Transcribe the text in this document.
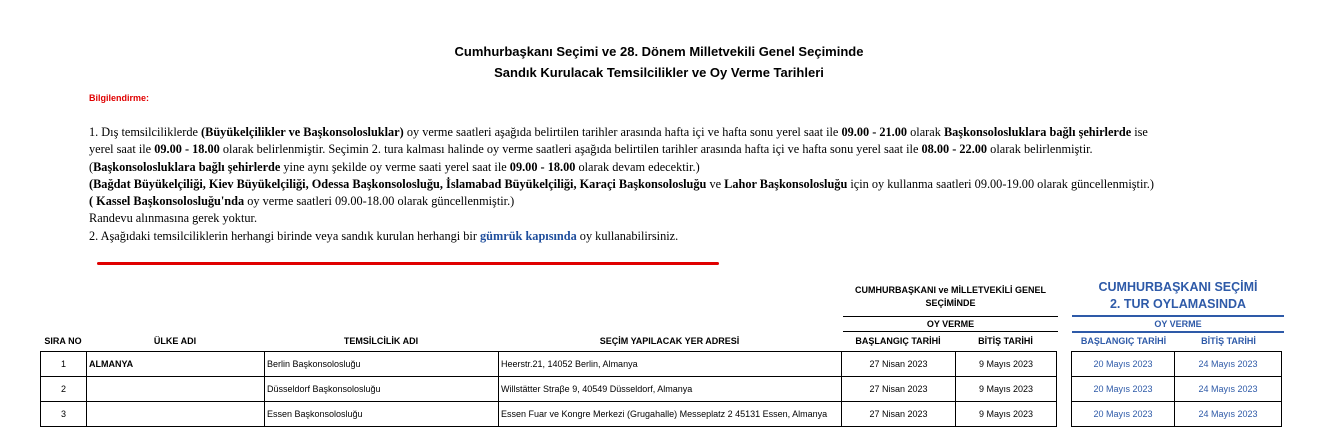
Cumhurbaşkanı Seçimi ve 28. Dönem Milletvekili Genel Seçiminde
Sandık Kurulacak Temsilcilikler ve Oy Verme Tarihleri
Bilgilendirme:

1. Dış temsilciliklerde (Büyükelçilikler ve Başkonsolosluklar) oy verme saatleri aşağıda belirtilen tarihler arasında hafta içi ve hafta sonu yerel saat ile 09.00 - 21.00 olarak Başkonsolosluklara bağlı şehirlerde ise yerel saat ile 09.00 - 18.00 olarak belirlenmiştir. Seçimin 2. tura kalması halinde oy verme saatleri aşağıda belirtilen tarihler arasında hafta içi ve hafta sonu yerel saat ile 08.00 - 22.00 olarak belirlenmiştir. (Başkonsolosluklara bağlı şehirlerde yine aynı şekilde oy verme saati yerel saat ile 09.00 - 18.00 olarak devam edecektir.)

(Bağdat Büyükelçiliği, Kiev Büyükelçiliği, Odessa Başkonsolosluğu, İslamabad Büyükelçiliği, Karaçi Başkonsolosluğu ve Lahor Başkonsolosluğu için oy kullanma saatleri 09.00-19.00 olarak güncellenmiştir.)

( Kassel Başkonsolosluğu'nda oy verme saatleri 09.00-18.00 olarak güncellenmiştir.)

Randevu alınmasına gerek yoktur.

2. Aşağıdaki temsilciliklerin herhangi birinde veya sandık kurulan herhangi bir gümrük kapısında oy kullanabilirsiniz.

CUMHURBAŞKANI ve MİLLETVEKİLİ GENEL SEÇİMİNDE
CUMHURBAŞKANI SEÇİMİ
2. TUR OYLAMASINDA
OY VERME	OY VERME
SIRA NO	ÜLKE ADI	TEMSİLCİLİK ADI	SEÇİM YAPILACAK YER ADRESİ	BAŞLANGIÇ TARİHİ	BİTİŞ TARİHİ	BAŞLANGIÇ TARİHİ	BİTİŞ TARİHİ
1	ALMANYA	Berlin Başkonsolosluğu	Heerstr.21, 14052 Berlin, Almanya	27 Nisan 2023	9 Mayıs 2023		20 Mayıs 2023	24 Mayıs 2023
2		Düsseldorf Başkonsolosluğu	Willstätter Straβe 9, 40549 Düsseldorf, Almanya	27 Nisan 2023	9 Mayıs 2023		20 Mayıs 2023	24 Mayıs 2023
3		Essen Başkonsolosluğu	Essen Fuar ve Kongre Merkezi (Grugahalle) Messeplatz 2 45131 Essen, Almanya	27 Nisan 2023	9 Mayıs 2023		20 Mayıs 2023	24 Mayıs 2023
